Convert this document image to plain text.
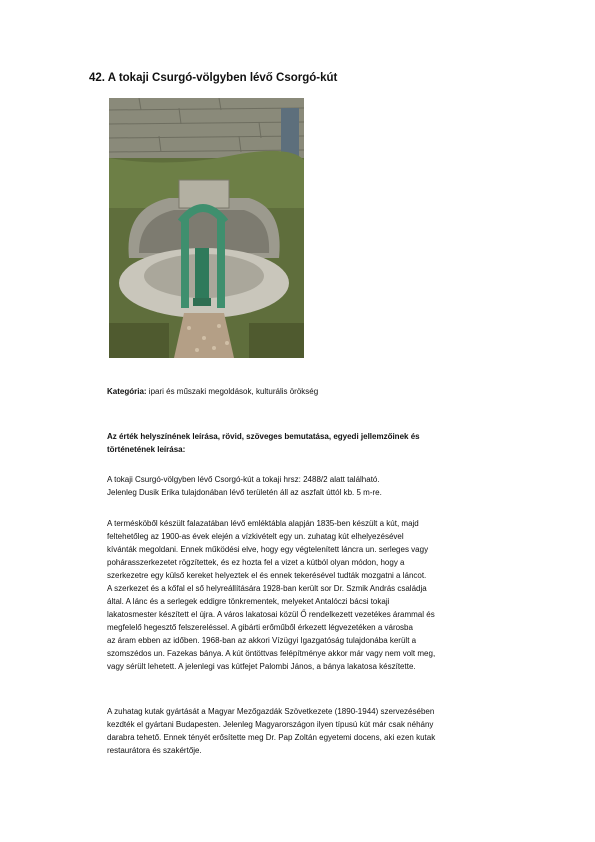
42. A tokaji Csurgó-völgyben lévő Csorgó-kút

Kategória: ipari és műszaki megoldások, kulturális örökség

Az érték helyszínének leírása, rövid, szöveges bemutatása, egyedi jellemzőinek és

történetének leírása:

A tokaji Csurgó-völgyben lévő Csorgó-kút a tokaji hrsz: 2488/2 alatt található.

Jelenleg Dusik Erika tulajdonában lévő területén áll az aszfalt úttól kb. 5 m-re.

A termésköből készült falazatában lévő emléktábla alapján 1835-ben készült a kút, majd

feltehetőleg az 1900-as évek elején a vízkivételt egy un. zuhatag kút elhelyezésével

kívánták megoldani. Ennek működési elve, hogy egy végtelenített láncra un. serleges vagy

pohárasszerkezetet rögzítettek, és ez hozta fel a vizet a kútból olyan módon, hogy a

szerkezetre egy külső kereket helyeztek el és ennek tekerésével tudták mozgatni a láncot.

A szerkezet és a kőfal el ső helyreállítására 1928-ban került sor Dr. Szmik András családja

által. A lánc és a serlegek eddigre tönkrementek, melyeket Antalóczi bácsi tokaji

lakatosmester készített el újra. A város lakatosai közül Ő rendelkezett vezetékes árammal és

megfelelő hegesztő felszereléssel. A gibárti erőműből érkezett légvezetéken a városba

az áram ebben az időben. 1968-ban az akkori Vízügyi Igazgatóság tulajdonába került a

szomszédos un. Fazekas bánya. A kút öntöttvas felépítménye akkor már vagy nem volt meg,

vagy sérült lehetett. A jelenlegi vas kútfejet Palombi János, a bánya lakatosa készítette.

A zuhatag kutak gyártását a Magyar Mezőgazdák Szövetkezete (1890-1944) szervezésében

kezdték el gyártani Budapesten. Jelenleg Magyarországon ilyen típusú kút már csak néhány

darabra tehető. Ennek tényét erősítette meg Dr. Pap Zoltán egyetemi docens, aki ezen kutak

restaurátora és szakértője.
